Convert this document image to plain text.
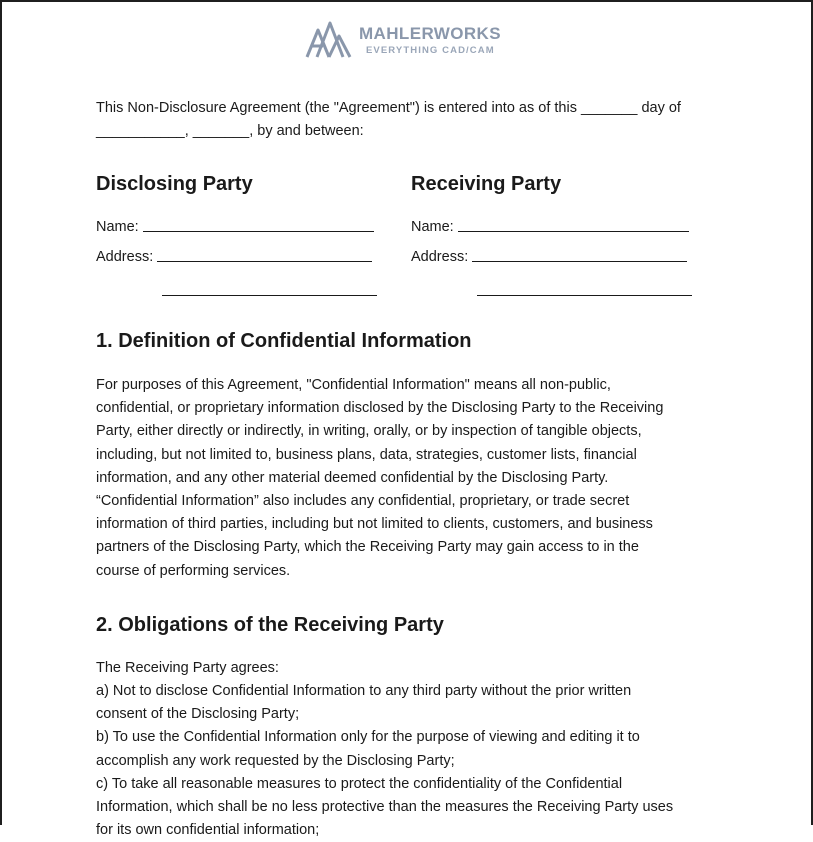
MAHLERWORKS
EVERYTHING CAD/CAM

This Non-Disclosure Agreement (the "Agreement") is entered into as of this _______ day of
___________, _______, by and between:

Disclosing Party
Name:
Address:
Receiving Party
Name:
Address:
1. Definition of Confidential Information

For purposes of this Agreement, "Confidential Information" means all non-public,
confidential, or proprietary information disclosed by the Disclosing Party to the Receiving
Party, either directly or indirectly, in writing, orally, or by inspection of tangible objects,
including, but not limited to, business plans, data, strategies, customer lists, financial
information, and any other material deemed confidential by the Disclosing Party.
“Confidential Information” also includes any confidential, proprietary, or trade secret
information of third parties, including but not limited to clients, customers, and business
partners of the Disclosing Party, which the Receiving Party may gain access to in the
course of performing services.

2. Obligations of the Receiving Party

The Receiving Party agrees:
a) Not to disclose Confidential Information to any third party without the prior written
consent of the Disclosing Party;
b) To use the Confidential Information only for the purpose of viewing and editing it to
accomplish any work requested by the Disclosing Party;
c) To take all reasonable measures to protect the confidentiality of the Confidential
Information, which shall be no less protective than the measures the Receiving Party uses
for its own confidential information;
